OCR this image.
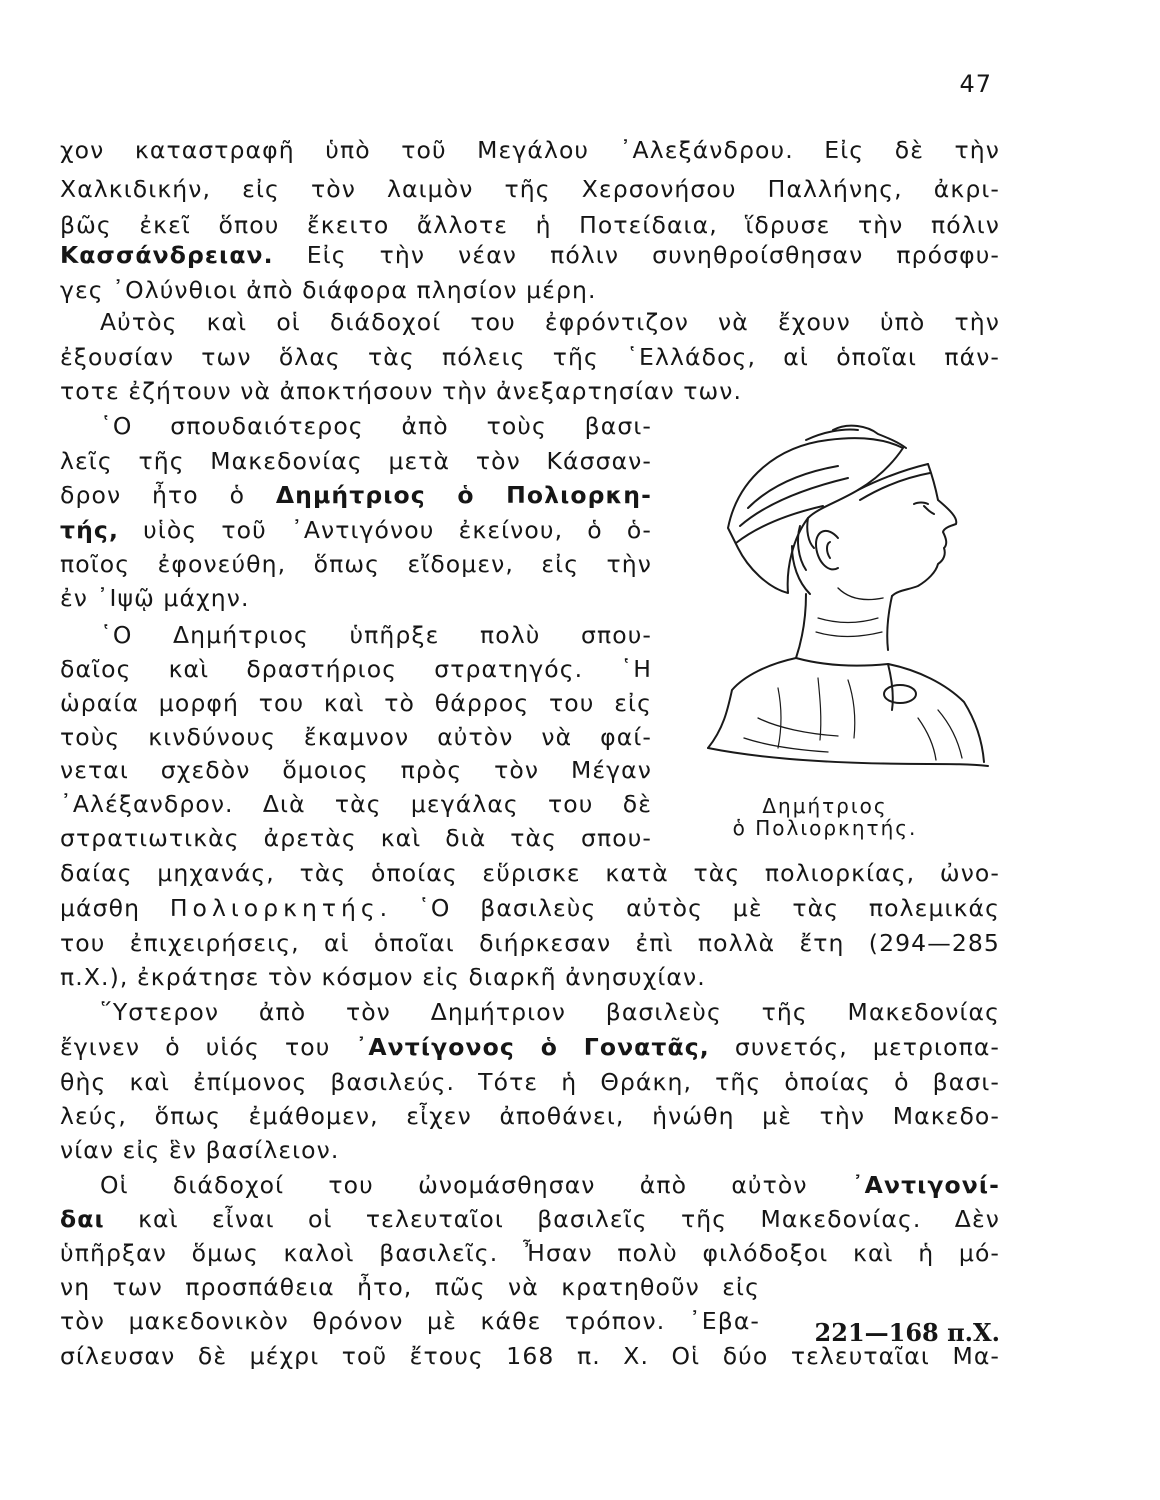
47
χον καταστραφῆ ὑπὸ τοῦ Μεγάλου ᾿Αλεξάνδρου. Εἰς δὲ τὴν
Χαλκιδικήν, εἰς τὸν λαιμὸν τῆς Χερσονήσου Παλλήνης, ἀκρι-
βῶς ἐκεῖ ὅπου ἔκειτο ἄλλοτε ἡ Ποτείδαια, ἵδρυσε τὴν πόλιν
Κασσάνδρειαν. Εἰς τὴν νέαν πόλιν συνηθροίσθησαν πρόσφυ-
γες ᾿Ολύνθιοι ἀπὸ διάφορα πλησίον μέρη.
Αὐτὸς καὶ οἱ διάδοχοί του ἐφρόντιζον νὰ ἔχουν ὑπὸ τὴν
ἐξουσίαν των ὅλας τὰς πόλεις τῆς ῾Ελλάδος, αἱ ὁποῖαι πάν-
τοτε ἐζήτουν νὰ ἀποκτήσουν τὴν ἀνεξαρτησίαν των.
῾Ο σπουδαιότερος ἀπὸ τοὺς βασι-
λεῖς τῆς Μακεδονίας μετὰ τὸν Κάσσαν-
δρον ἦτο ὁ Δημήτριος ὁ Πολιορκη-
τής, υἱὸς τοῦ ᾿Αντιγόνου ἐκείνου, ὁ ὁ-
ποῖος ἐφονεύθη, ὅπως εἴδομεν, εἰς τὴν
ἐν ᾿Ιψῷ μάχην.
῾Ο Δημήτριος ὑπῆρξε πολὺ σπου-
δαῖος καὶ δραστήριος στρατηγός. ῾Η
ὡραία μορφή του καὶ τὸ θάρρος του εἰς
τοὺς κινδύνους ἔκαμνον αὐτὸν νὰ φαί-
νεται σχεδὸν ὅμοιος πρὸς τὸν Μέγαν
᾿Αλέξανδρον. Διὰ τὰς μεγάλας του δὲ
στρατιωτικὰς ἀρετὰς καὶ διὰ τὰς σπου-
δαίας μηχανάς, τὰς ὁποίας εὕρισκε κατὰ τὰς πολιορκίας, ὠνο-
μάσθη Πολιορκητής. ῾Ο βασιλεὺς αὐτὸς μὲ τὰς πολεμικάς
του ἐπιχειρήσεις, αἱ ὁποῖαι διήρκεσαν ἐπὶ πολλὰ ἔτη (294—285
π.Χ.), ἐκράτησε τὸν κόσμον εἰς διαρκῆ ἀνησυχίαν.
῞Υστερον ἀπὸ τὸν Δημήτριον βασιλεὺς τῆς Μακεδονίας
ἔγινεν ὁ υἱός του ᾿Αντίγονος ὁ Γονατᾶς, συνετός, μετριοπα-
θὴς καὶ ἐπίμονος βασιλεύς. Τότε ἡ Θράκη, τῆς ὁποίας ὁ βασι-
λεύς, ὅπως ἐμάθομεν, εἶχεν ἀποθάνει, ἡνώθη μὲ τὴν Μακεδο-
νίαν εἰς ἓν βασίλειον.
Οἱ διάδοχοί του ὠνομάσθησαν ἀπὸ αὐτὸν ᾿Αντιγονί-
δαι καὶ εἶναι οἱ τελευταῖοι βασιλεῖς τῆς Μακεδονίας. Δὲν
ὑπῆρξαν ὅμως καλοὶ βασιλεῖς. Ἦσαν πολὺ φιλόδοξοι καὶ ἡ μό-
νη των προσπάθεια ἦτο, πῶς νὰ κρατηθοῦν εἰς
τὸν μακεδονικὸν θρόνον μὲ κάθε τρόπον. ᾿Εβα-
σίλευσαν δὲ μέχρι τοῦ ἔτους 168 π. Χ. Οἱ δύο τελευταῖαι Μα-
Δημήτριος
ὁ Πολιορκητής.
221—168 π.Χ.
